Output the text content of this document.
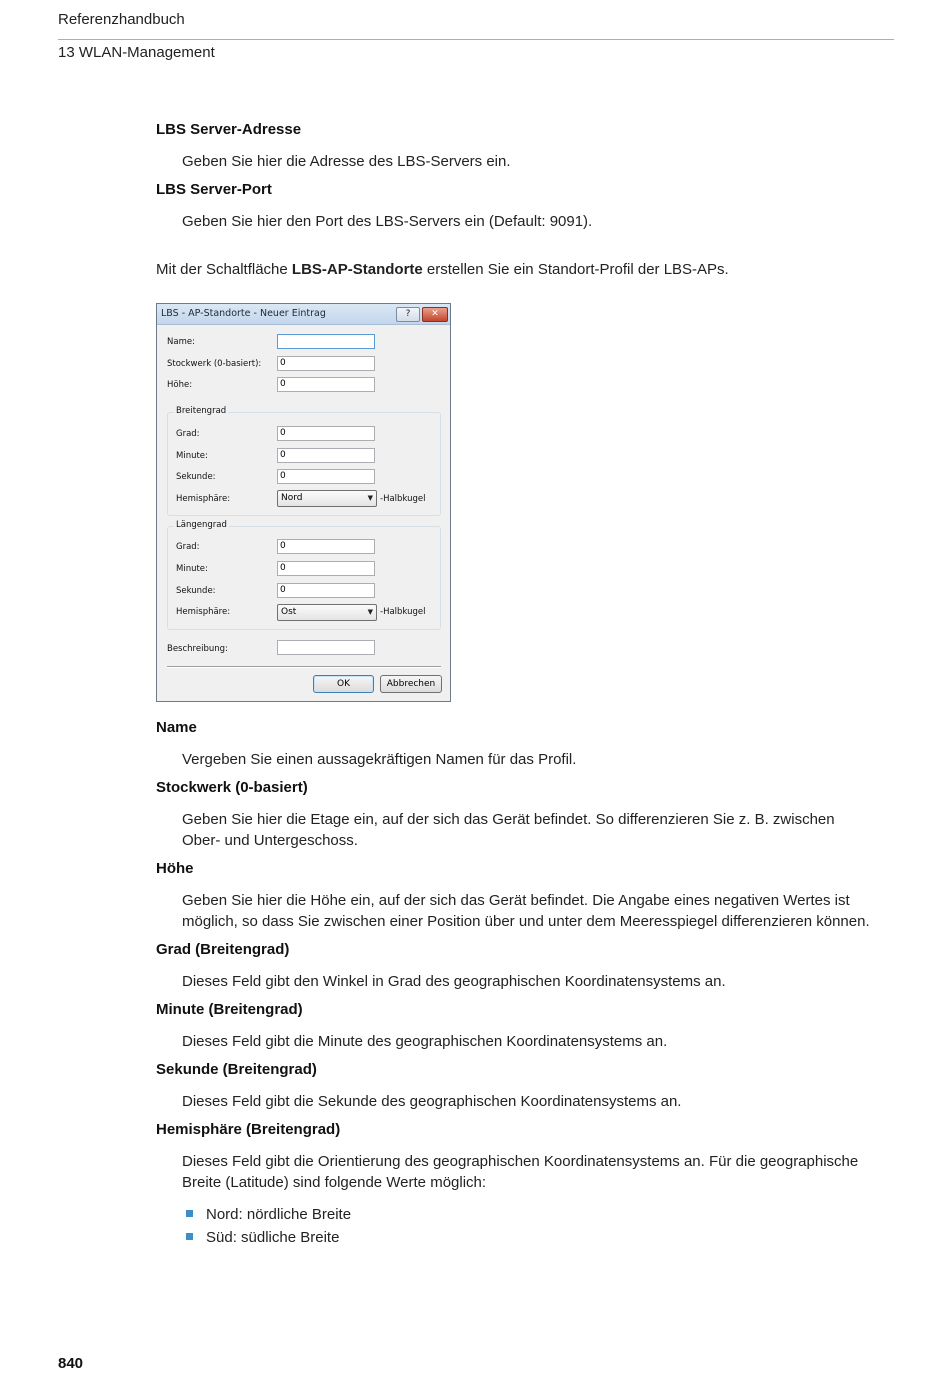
Referenzhandbuch
13 WLAN-Management
LBS Server-Adresse
Geben Sie hier die Adresse des LBS-Servers ein.
LBS Server-Port
Geben Sie hier den Port des LBS-Servers ein (Default: 9091).
Mit der Schaltfläche LBS-AP-Standorte erstellen Sie ein Standort-Profil der LBS-APs.
Name
Vergeben Sie einen aussagekräftigen Namen für das Profil.
Stockwerk (0-basiert)
Geben Sie hier die Etage ein, auf der sich das Gerät befindet. So differenzieren Sie z. B. zwischen Ober- und Untergeschoss.
Höhe
Geben Sie hier die Höhe ein, auf der sich das Gerät befindet. Die Angabe eines negativen Wertes ist möglich, so dass Sie zwischen einer Position über und unter dem Meeresspiegel differenzieren können.
Grad (Breitengrad)
Dieses Feld gibt den Winkel in Grad des geographischen Koordinatensystems an.
Minute (Breitengrad)
Dieses Feld gibt die Minute des geographischen Koordinatensystems an.
Sekunde (Breitengrad)
Dieses Feld gibt die Sekunde des geographischen Koordinatensystems an.
Hemisphäre (Breitengrad)
Dieses Feld gibt die Orientierung des geographischen Koordinatensystems an. Für die geographische Breite (Latitude) sind folgende Werte möglich:
Nord: nördliche Breite
Süd: südliche Breite
LBS - AP-Standorte - Neuer Eintrag	?	✕
Name:
Stockwerk (0-basiert):	0
Höhe:	0
Breitengrad
Grad:	0
Minute:	0
Sekunde:	0
Hemisphäre:	Nord	▼ -Halbkugel
Längengrad
Grad:	0
Minute:	0
Sekunde:	0
Hemisphäre:	Ost	▼ -Halbkugel
Beschreibung:
OK	Abbrechen
840
